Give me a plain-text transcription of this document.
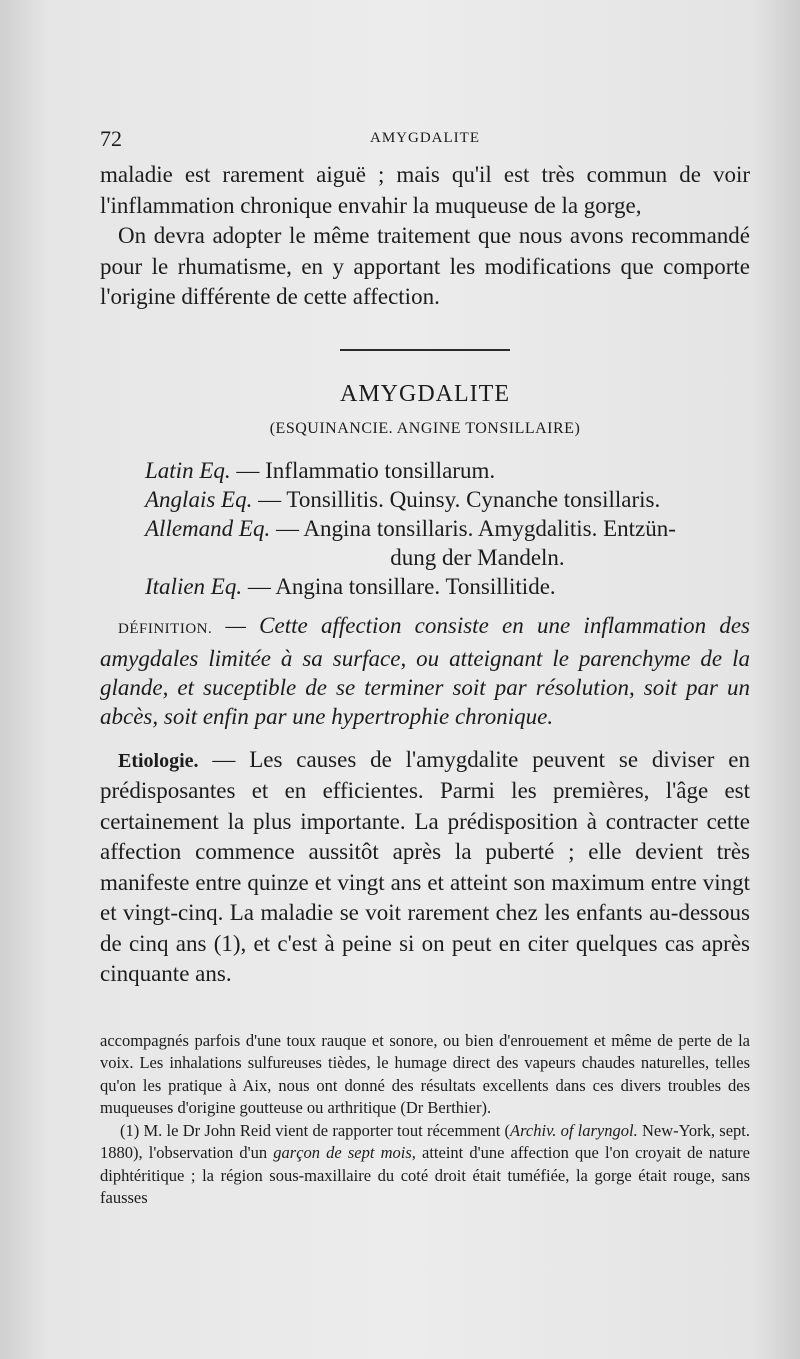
72	AMYGDALITE

maladie est rarement aiguë ; mais qu'il est très commun de voir l'inflammation chronique envahir la muqueuse de la gorge,

On devra adopter le même traitement que nous avons recommandé pour le rhumatisme, en y apportant les modifications que comporte l'origine différente de cette affection.

AMYGDALITE
(ESQUINANCIE. ANGINE TONSILLAIRE)
Latin Eq. — Inflammatio tonsillarum.
Anglais Eq. — Tonsillitis. Quinsy. Cynanche tonsillaris.
Allemand Eq. — Angina tonsillaris. Amygdalitis. Entzün-
dung der Mandeln.
Italien Eq. — Angina tonsillare. Tonsillitide.

DÉFINITION. — Cette affection consiste en une inflammation des amygdales limitée à sa surface, ou atteignant le parenchyme de la glande, et suceptible de se terminer soit par résolution, soit par un abcès, soit enfin par une hypertrophie chronique.

Etiologie. — Les causes de l'amygdalite peuvent se diviser en prédisposantes et en efficientes. Parmi les premières, l'âge est certainement la plus importante. La prédisposition à contracter cette affection commence aussitôt après la puberté ; elle devient très manifeste entre quinze et vingt ans et atteint son maximum entre vingt et vingt-cinq. La maladie se voit rarement chez les enfants au-dessous de cinq ans (1), et c'est à peine si on peut en citer quelques cas après cinquante ans.

accompagnés parfois d'une toux rauque et sonore, ou bien d'enrouement et même de perte de la voix. Les inhalations sulfureuses tièdes, le humage direct des vapeurs chaudes naturelles, telles qu'on les pratique à Aix, nous ont donné des résultats excellents dans ces divers troubles des muqueuses d'origine goutteuse ou arthritique (Dr Berthier).

(1) M. le Dr John Reid vient de rapporter tout récemment (Archiv. of laryngol. New-York, sept. 1880), l'observation d'un garçon de sept mois, atteint d'une affection que l'on croyait de nature diphtéritique ; la région sous-maxillaire du coté droit était tuméfiée, la gorge était rouge, sans fausses
